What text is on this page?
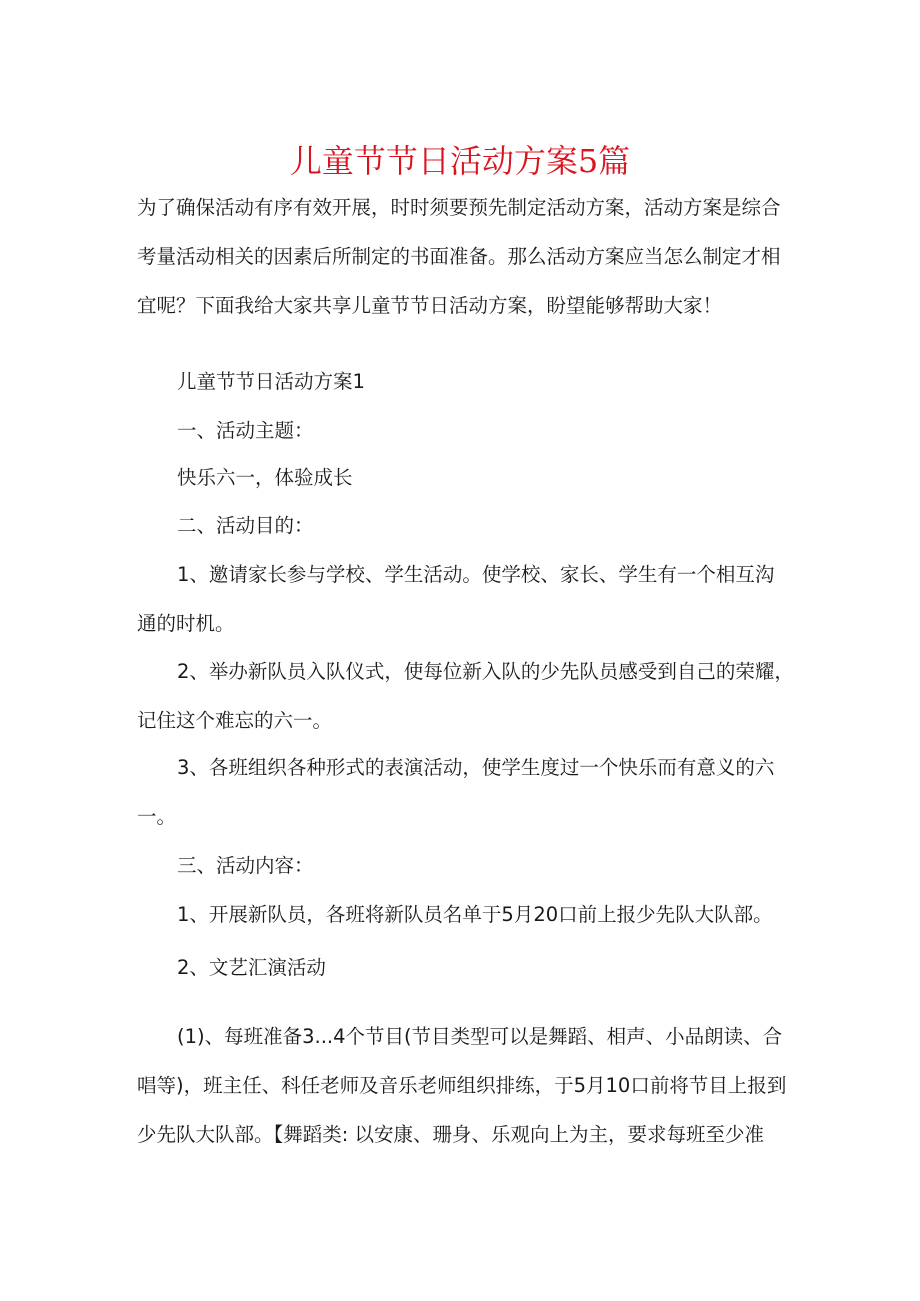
儿童节节日活动方案5篇
为了确保活动有序有效开展，时时须要预先制定活动方案，活动方案是综合
考量活动相关的因素后所制定的书面准备。那么活动方案应当怎么制定才相
宜呢？下面我给大家共享儿童节节日活动方案，盼望能够帮助大家！
儿童节节日活动方案1
一、活动主题：
快乐六一，体验成长
二、活动目的：
1、邀请家长参与学校、学生活动。使学校、家长、学生有一个相互沟
通的时机。
2、举办新队员入队仪式，使每位新入队的少先队员感受到自己的荣耀，
记住这个难忘的六一。
3、各班组织各种形式的表演活动，使学生度过一个快乐而有意义的六
一。
三、活动内容：
1、开展新队员，各班将新队员名单于5月20口前上报少先队大队部。
2、文艺汇演活动
(1)、每班准备3...4个节目(节目类型可以是舞蹈、相声、小品朗读、合
唱等)，班主任、科任老师及音乐老师组织排练，于5月10口前将节目上报到
少先队大队部。【舞蹈类: 以安康、珊身、乐观向上为主，要求每班至少准
